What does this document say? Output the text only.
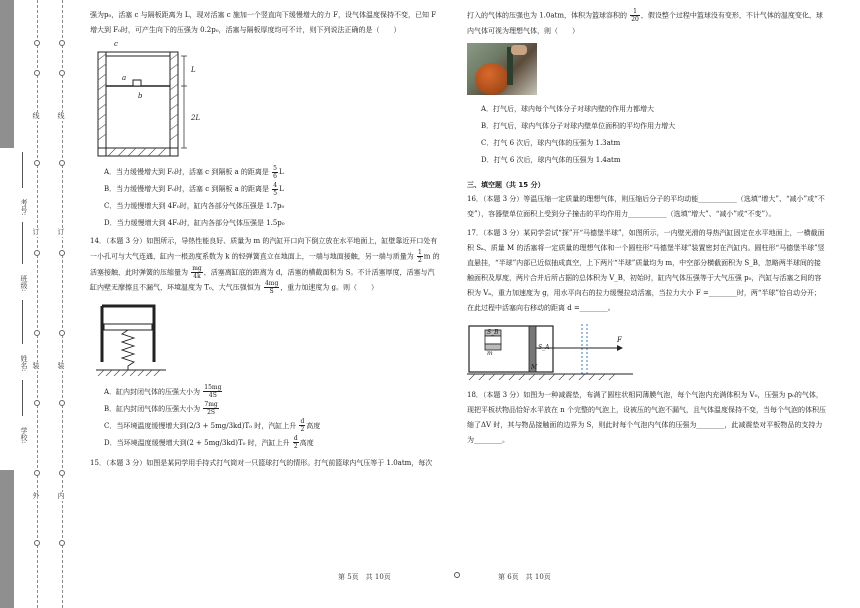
线
订
装
外
线
订
装
内
学校:
姓名:
班级:
考号:

强为p₀，活塞 c 与隔板距离为 L，现对活塞 c 施加一个竖直向下缓慢增大的力 F，设气体温度保持不变，已知 F 增大到 F₀时，可产生向下的压强为 0.2p₀，活塞与隔板厚度均可不计，则下列说法正确的是（　　）

c
a
b
L
2L
A．当力缓慢增大到 F₀时，活塞 c 到隔板 a 的距离是 $\frac{5}{6}$ L
B．当力缓慢增大到 F₀时，活塞 c 到隔板 a 的距离是 $\frac{4}{5}$ L
C．当力缓慢增大到 4F₀时，缸内各部分气体压强是 1.7p₀
D．当力缓慢增大到 4F₀时，缸内各部分气体压强是 1.5p₀

14．（本题 3 分）如图所示，导热性能良好、质量为 m 的汽缸开口向下倒立放在水平地面上，缸壁靠近开口处有一小孔可与大气连通，缸内一根劲度系数为 k 的轻弹簧直立在地面上，一端与地面接触，另一端与质量为 $\frac{1}{2}$ m 的活塞接触，此时弹簧的压缩量为 $\frac{mg}{4k}$ ，活塞离缸底的距离为 d，活塞的横截面积为 S。不计活塞厚度，活塞与汽缸内壁无摩擦且不漏气，环境温度为 T₀，大气压强恒为 $\frac{4mg}{S}$ ，重力加速度为 g。则（　　）

A．缸内封闭气体的压强大小为 $\frac{15mg}{4S}$
B．缸内封闭气体的压强大小为 $\frac{7mg}{2S}$
C．当环境温度缓慢增大到(2/3 + 5mg/3kd)T₀ 时，汽缸上升 $\frac{d}{2}$ 高度
D．当环境温度缓慢增大到(2 + 5mg/3kd)T₀ 时，汽缸上升 $\frac{d}{2}$ 高度

15．（本题 3 分）如图是某同学用手持式打气筒对一只篮球打气的情形。打气前篮球内气压等于 1.0atm，每次

打入的气体的压强也为 1.0atm，体积为篮球容积的 $\frac{1}{20}$ ，假设整个过程中篮球没有变形，不计气体的温度变化，球内气体可视为理想气体，则（　　）

A．打气后，球内每个气体分子对球内壁的作用力都增大
B．打气后，球内气体分子对球内壁单位面积的平均作用力增大
C．打气 6 次后，球内气体的压强为 1.3atm
D．打气 6 次后，球内气体的压强为 1.4atm
三、填空题（共 15 分）

16．（本题 3 分）等温压缩一定质量的理想气体，则压缩后分子的平均动能___________（选填“增大”、“减小”或“不变”），容器壁单位面积上受到分子撞击的平均作用力___________（选填“增大”、“减小”或“不变”）。

17．（本题 3 分）某同学尝试“探”开“马德堡半球”，如图所示，一内壁光滑的导热汽缸固定在水平地面上，一横截面积 Sₐ、质量 M 的活塞将一定质量的理想气体和一个圆柱形“马德堡半球”装置密封在汽缸内。圆柱形“马德堡半球”竖直悬挂，“半球”内部已近似抽成真空，上下两片“半球”质量均为 m，中空部分横截面积为 S_B，忽略两半球间的接触面积及厚度，两片合并后所占据的总体积为 V_B，初始时，缸内气体压强等于大气压强 p₀，汽缸与活塞之间的容积为 Vₐ，重力加速度为 g，用水平向右的拉力缓慢拉动活塞，当拉力大小 F =________时，两“半球”恰自动分开；在此过程中活塞向右移动的距离 d =________。

S_B
m
S_A
M
F

18．（本题 3 分）如图为一种减震垫，布满了圆柱状相同薄膜气泡，每个气泡内充满体积为 V₀，压强为 p₀的气体，现把平板状物品恰好水平放在 n 个完整的气泡上，设被压的气泡不漏气，且气体温度保持不变，当每个气泡的体积压缩了ΔV 时，其与物品接触面的边界为 S，则此时每个气泡内气体的压强为________，此减震垫对平板物品的支持力为________。

第 5页　共 10页	第 6页　共 10页
